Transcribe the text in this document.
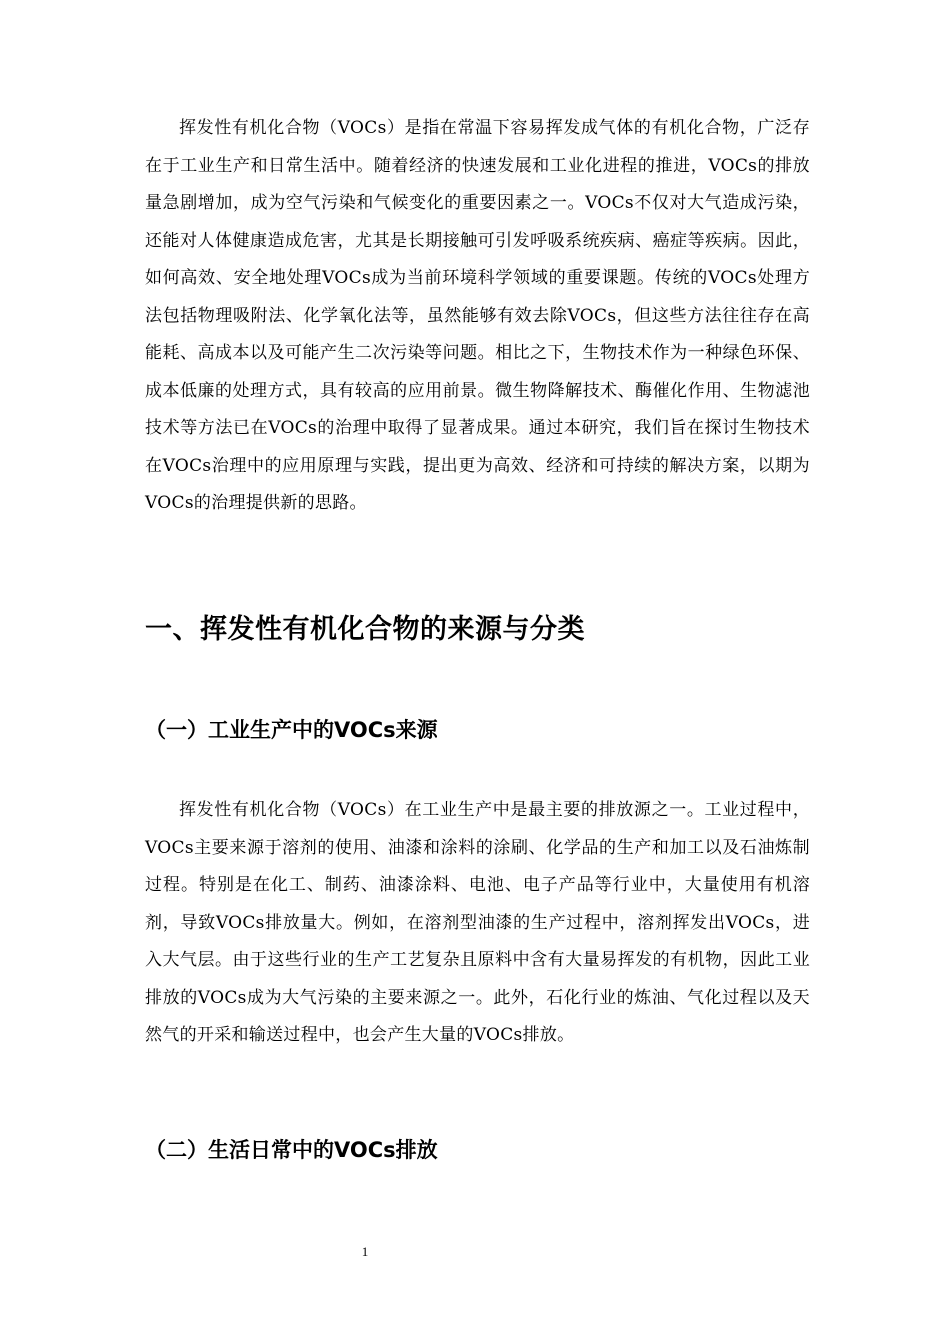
挥发性有机化合物（VOCs）是指在常温下容易挥发成气体的有机化合物，广泛存在于工业生产和日常生活中。随着经济的快速发展和工业化进程的推进，VOCs的排放量急剧增加，成为空气污染和气候变化的重要因素之一。VOCs不仅对大气造成污染，还能对人体健康造成危害，尤其是长期接触可引发呼吸系统疾病、癌症等疾病。因此，如何高效、安全地处理VOCs成为当前环境科学领域的重要课题。传统的VOCs处理方法包括物理吸附法、化学氧化法等，虽然能够有效去除VOCs，但这些方法往往存在高能耗、高成本以及可能产生二次污染等问题。相比之下，生物技术作为一种绿色环保、成本低廉的处理方式，具有较高的应用前景。微生物降解技术、酶催化作用、生物滤池技术等方法已在VOCs的治理中取得了显著成果。通过本研究，我们旨在探讨生物技术在VOCs治理中的应用原理与实践，提出更为高效、经济和可持续的解决方案，以期为VOCs的治理提供新的思路。

一、挥发性有机化合物的来源与分类
（一）工业生产中的VOCs来源

挥发性有机化合物（VOCs）在工业生产中是最主要的排放源之一。工业过程中，VOCs主要来源于溶剂的使用、油漆和涂料的涂刷、化学品的生产和加工以及石油炼制过程。特别是在化工、制药、油漆涂料、电池、电子产品等行业中，大量使用有机溶剂，导致VOCs排放量大。例如，在溶剂型油漆的生产过程中，溶剂挥发出VOCs，进入大气层。由于这些行业的生产工艺复杂且原料中含有大量易挥发的有机物，因此工业排放的VOCs成为大气污染的主要来源之一。此外，石化行业的炼油、气化过程以及天然气的开采和输送过程中，也会产生大量的VOCs排放。

（二）生活日常中的VOCs排放
1
